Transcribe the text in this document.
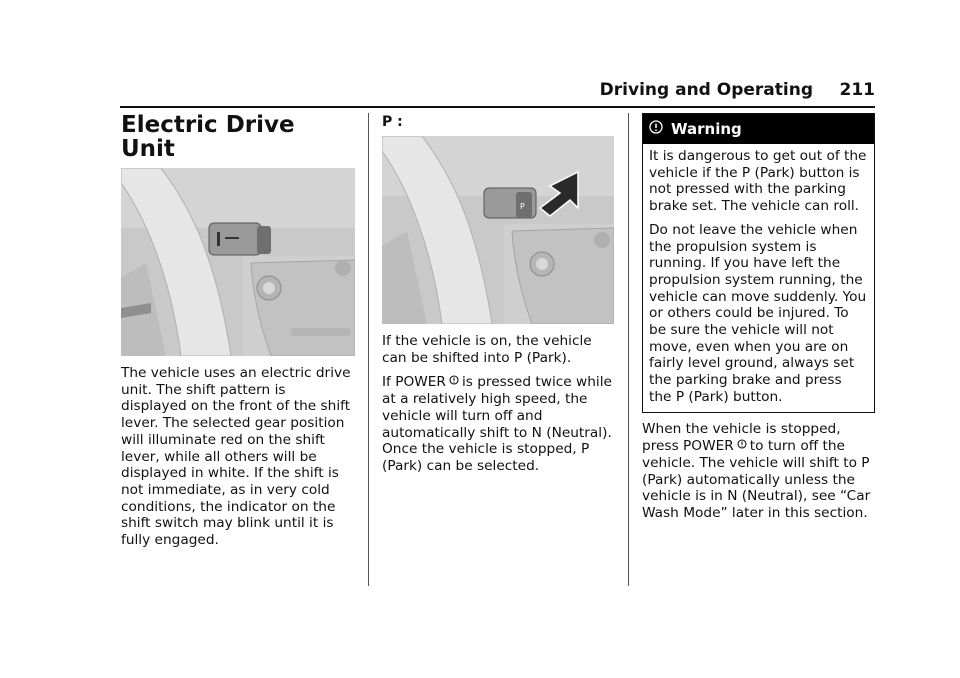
Driving and Operating 211
Electric Drive Unit

The vehicle uses an electric drive unit. The shift pattern is displayed on the front of the shift lever. The selected gear position will illuminate red on the shift lever, while all others will be displayed in white. If the shift is not immediate, as in very cold conditions, the indicator on the shift switch may blink until it is fully engaged.

P :

P

If the vehicle is on, the vehicle can be shifted into P (Park).

If POWER is pressed twice while at a relatively high speed, the vehicle will turn off and automatically shift to N (Neutral). Once the vehicle is stopped, P (Park) can be selected.

Warning

It is dangerous to get out of the vehicle if the P (Park) button is not pressed with the parking brake set. The vehicle can roll.

Do not leave the vehicle when the propulsion system is running. If you have left the propulsion system running, the vehicle can move suddenly. You or others could be injured. To be sure the vehicle will not move, even when you are on fairly level ground, always set the parking brake and press the P (Park) button.

When the vehicle is stopped, press POWER to turn off the vehicle. The vehicle will shift to P (Park) automatically unless the vehicle is in N (Neutral), see “Car Wash Mode” later in this section.
